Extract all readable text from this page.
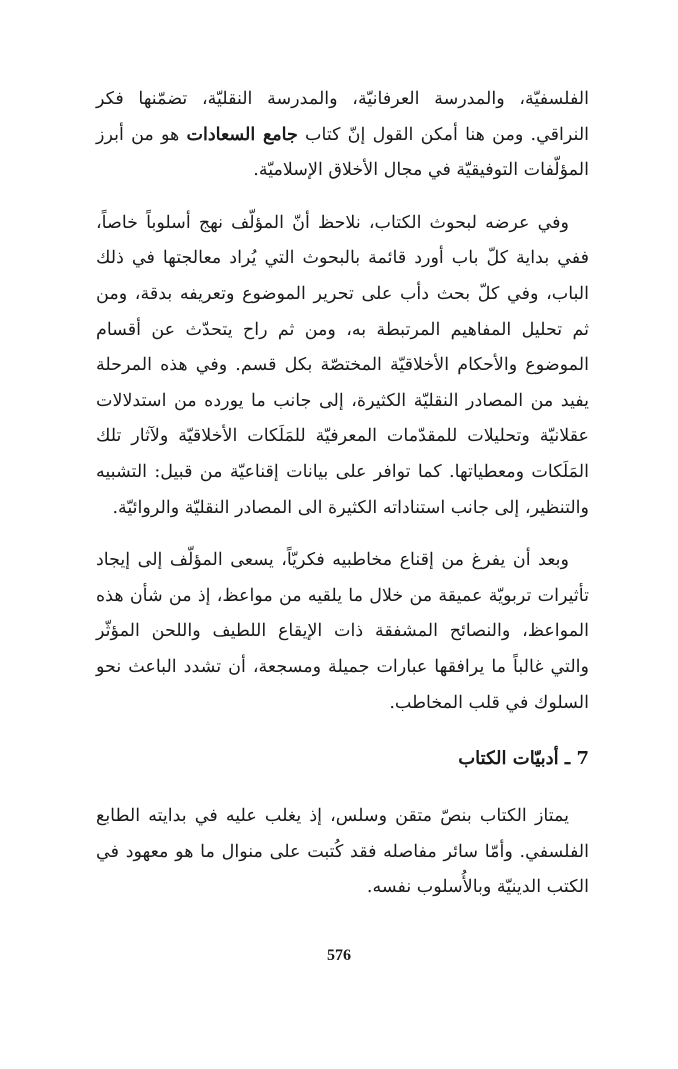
الفلسفيّة، والمدرسة العرفانيّة، والمدرسة النقليّة، تضمّنها فكر النراقي. ومن هنا أمكن القول إنّ كتاب جامع السعادات هو من أبرز المؤلّفات التوفيقيّة في مجال الأخلاق الإسلاميّة.

وفي عرضه لبحوث الكتاب، نلاحظ أنّ المؤلّف نهج أسلوباً خاصاً، ففي بداية كلّ باب أورد قائمة بالبحوث التي يُراد معالجتها في ذلك الباب، وفي كلّ بحث دأب على تحرير الموضوع وتعريفه بدقة، ومن ثم تحليل المفاهيم المرتبطة به، ومن ثم راح يتحدّث عن أقسام الموضوع والأحكام الأخلاقيّة المختصّة بكل قسم. وفي هذه المرحلة يفيد من المصادر النقليّة الكثيرة، إلى جانب ما يورده من استدلالات عقلانيّة وتحليلات للمقدّمات المعرفيّة للمَلَكات الأخلاقيّة ولآثار تلك المَلَكات ومعطياتها. كما توافر على بيانات إقناعيّة من قبيل: التشبيه والتنظير، إلى جانب استناداته الكثيرة الى المصادر النقليّة والروائيّة.

وبعد أن يفرغ من إقناع مخاطبيه فكريّاً، يسعى المؤلّف إلى إيجاد تأثيرات تربويّة عميقة من خلال ما يلقيه من مواعظ، إذ من شأن هذه المواعظ، والنصائح المشفقة ذات الإيقاع اللطيف واللحن المؤثّر والتي غالباً ما يرافقها عبارات جميلة ومسجعة، أن تشدد الباعث نحو السلوك في قلب المخاطب.

7 ـ أدبيّات الكتاب

يمتاز الكتاب بنصّ متقن وسلس، إذ يغلب عليه في بدايته الطابع الفلسفي. وأمّا سائر مفاصله فقد كُتبت على منوال ما هو معهود في الكتب الدينيّة وبالأُسلوب نفسه.

576
